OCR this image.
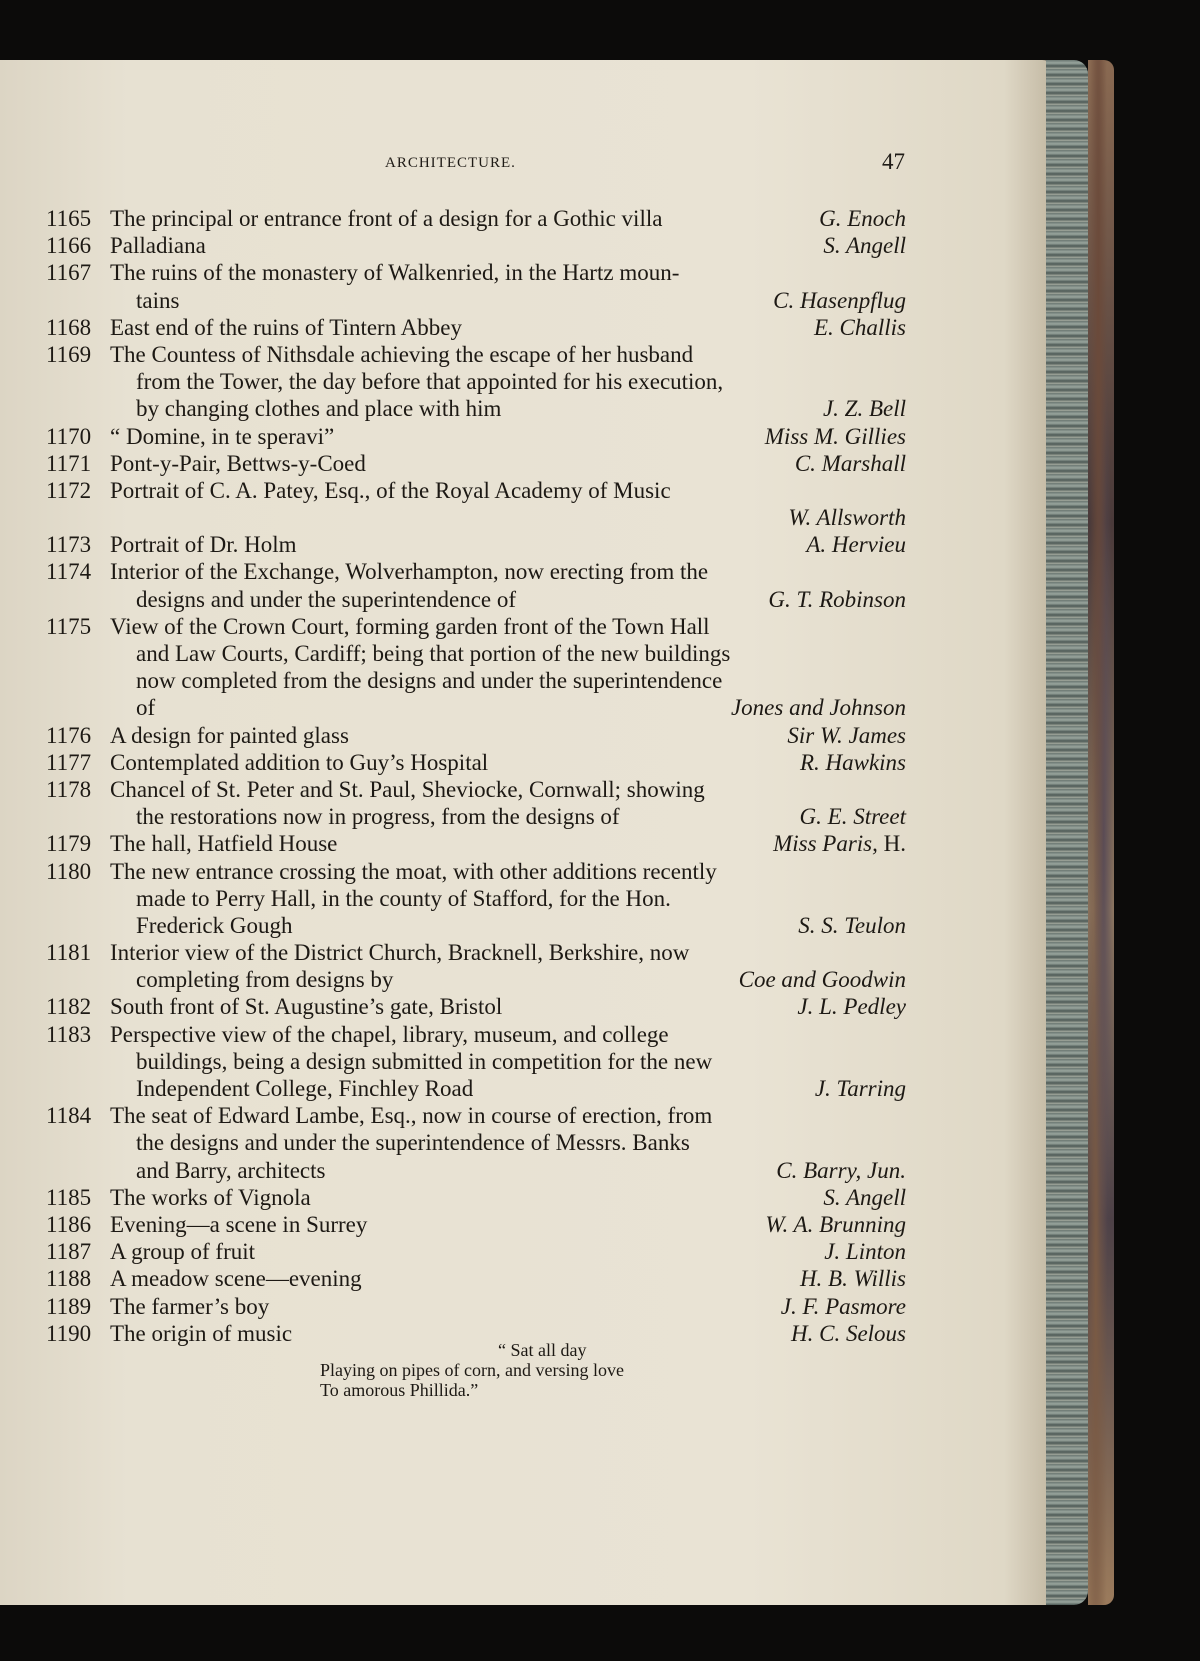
ARCHITECTURE.	47
1165 The principal or entrance front of a design for a Gothic villa	G. Enoch
1166 Palladiana	S. Angell
1167 The ruins of the monastery of Walkenried, in the Hartz moun-
tains	C. Hasenpflug
1168 East end of the ruins of Tintern Abbey	E. Challis
1169 The Countess of Nithsdale achieving the escape of her husband
from the Tower, the day before that appointed for his execution,
by changing clothes and place with him	J. Z. Bell
1170 “ Domine, in te speravi”	Miss M. Gillies
1171 Pont-y-Pair, Bettws-y-Coed	C. Marshall
1172 Portrait of C. A. Patey, Esq., of the Royal Academy of Music
W. Allsworth
1173 Portrait of Dr. Holm	A. Hervieu
1174 Interior of the Exchange, Wolverhampton, now erecting from the
designs and under the superintendence of	G. T. Robinson
1175 View of the Crown Court, forming garden front of the Town Hall
and Law Courts, Cardiff; being that portion of the new buildings
now completed from the designs and under the superintendence
of	Jones and Johnson
1176 A design for painted glass	Sir W. James
1177 Contemplated addition to Guy’s Hospital	R. Hawkins
1178 Chancel of St. Peter and St. Paul, Sheviocke, Cornwall; showing
the restorations now in progress, from the designs of	G. E. Street
1179 The hall, Hatfield House	Miss Paris, H.
1180 The new entrance crossing the moat, with other additions recently
made to Perry Hall, in the county of Stafford, for the Hon.
Frederick Gough	S. S. Teulon
1181 Interior view of the District Church, Bracknell, Berkshire, now
completing from designs by	Coe and Goodwin
1182 South front of St. Augustine’s gate, Bristol	J. L. Pedley
1183 Perspective view of the chapel, library, museum, and college
buildings, being a design submitted in competition for the new
Independent College, Finchley Road	J. Tarring
1184 The seat of Edward Lambe, Esq., now in course of erection, from
the designs and under the superintendence of Messrs. Banks
and Barry, architects	C. Barry, Jun.
1185 The works of Vignola	S. Angell
1186 Evening—a scene in Surrey	W. A. Brunning
1187 A group of fruit	J. Linton
1188 A meadow scene—evening	H. B. Willis
1189 The farmer’s boy	J. F. Pasmore
1190 The origin of music	H. C. Selous
“ Sat all day
Playing on pipes of corn, and versing love
To amorous Phillida.”
